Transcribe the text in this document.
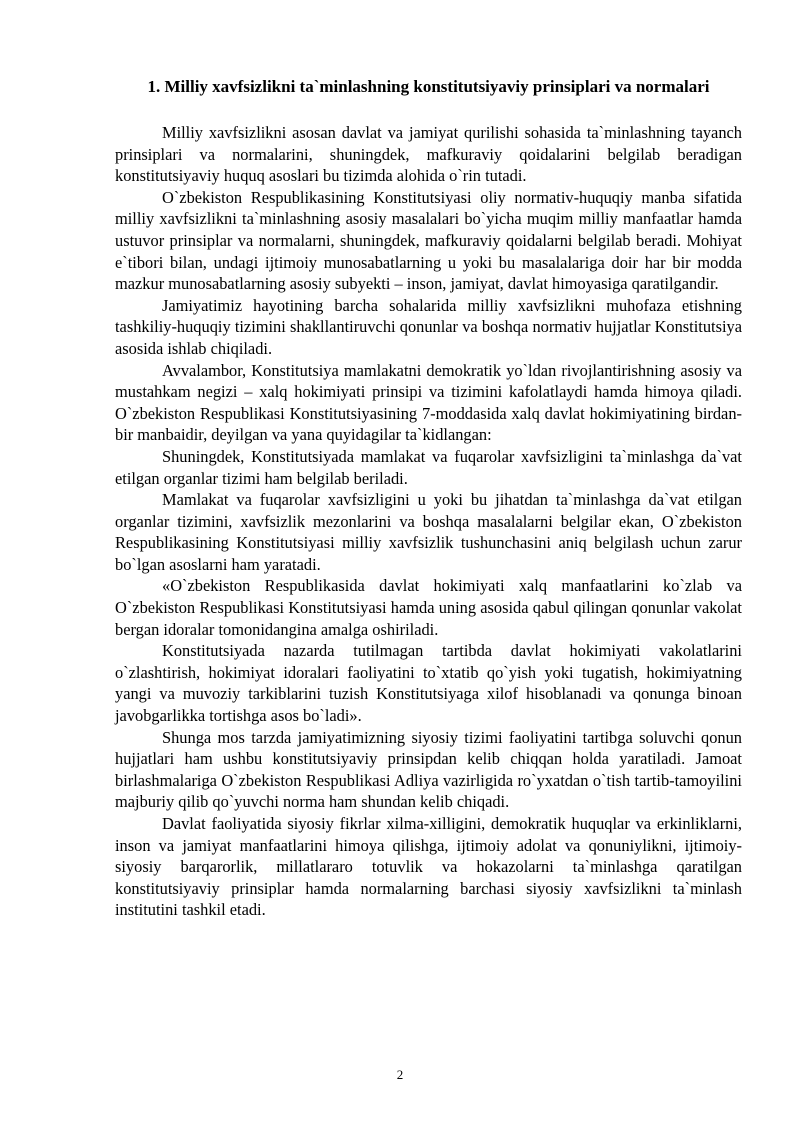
1. Milliy xavfsizlikni ta`minlashning konstitutsiyaviy prinsiplari va normalari

Milliy xavfsizlikni asosan davlat va jamiyat qurilishi sohasida ta`minlashning tayanch prinsiplari va normalarini, shuningdek, mafkuraviy qoidalarini belgilab beradigan konstitutsiyaviy huquq asoslari bu tizimda alohida o`rin tutadi.

O`zbekiston Respublikasining Konstitutsiyasi oliy normativ-huquqiy manba sifatida milliy xavfsizlikni ta`minlashning asosiy masalalari bo`yicha muqim milliy manfaatlar hamda ustuvor prinsiplar va normalarni, shuningdek, mafkuraviy qoidalarni belgilab beradi. Mohiyat e`tibori bilan, undagi ijtimoiy munosabatlarning u yoki bu masalalariga doir har bir modda mazkur munosabatlarning asosiy subyekti – inson, jamiyat, davlat himoyasiga qaratilgandir.

Jamiyatimiz hayotining barcha sohalarida milliy xavfsizlikni muhofaza etishning tashkiliy-huquqiy tizimini shakllantiruvchi qonunlar va boshqa normativ hujjatlar Konstitutsiya asosida ishlab chiqiladi.

Avvalambor, Konstitutsiya mamlakatni demokratik yo`ldan rivojlantirishning asosiy va mustahkam negizi – xalq hokimiyati prinsipi va tizimini kafolatlaydi hamda himoya qiladi. O`zbekiston Respublikasi Konstitutsiyasining 7-moddasida xalq davlat hokimiyatining birdan-bir manbaidir, deyilgan va yana quyidagilar ta`kidlangan:

Shuningdek, Konstitutsiyada mamlakat va fuqarolar xavfsizligini ta`minlashga da`vat etilgan organlar tizimi ham belgilab beriladi.

Mamlakat va fuqarolar xavfsizligini u yoki bu jihatdan ta`minlashga da`vat etilgan organlar tizimini, xavfsizlik mezonlarini va boshqa masalalarni belgilar ekan, O`zbekiston Respublikasining Konstitutsiyasi milliy xavfsizlik tushunchasini aniq belgilash uchun zarur bo`lgan asoslarni ham yaratadi.

«O`zbekiston Respublikasida davlat hokimiyati xalq manfaatlarini ko`zlab va O`zbekiston Respublikasi Konstitutsiyasi hamda uning asosida qabul qilingan qonunlar vakolat bergan idoralar tomonidangina amalga oshiriladi.

Konstitutsiyada nazarda tutilmagan tartibda davlat hokimiyati vakolatlarini o`zlashtirish, hokimiyat idoralari faoliyatini to`xtatib qo`yish yoki tugatish, hokimiyatning yangi va muvoziy tarkiblarini tuzish Konstitutsiyaga xilof hisoblanadi va qonunga binoan javobgarlikka tortishga asos bo`ladi».

Shunga mos tarzda jamiyatimizning siyosiy tizimi faoliyatini tartibga soluvchi qonun hujjatlari ham ushbu konstitutsiyaviy prinsipdan kelib chiqqan holda yaratiladi. Jamoat birlashmalariga O`zbekiston Respublikasi Adliya vazirligida ro`yxatdan o`tish tartib-tamoyilini majburiy qilib qo`yuvchi norma ham shundan kelib chiqadi.

Davlat faoliyatida siyosiy fikrlar xilma-xilligini, demokratik huquqlar va erkinliklarni, inson va jamiyat manfaatlarini himoya qilishga, ijtimoiy adolat va qonuniylikni, ijtimoiy-siyosiy barqarorlik, millatlararo totuvlik va hokazolarni ta`minlashga qaratilgan konstitutsiyaviy prinsiplar hamda normalarning barchasi siyosiy xavfsizlikni ta`minlash institutini tashkil etadi.

2
